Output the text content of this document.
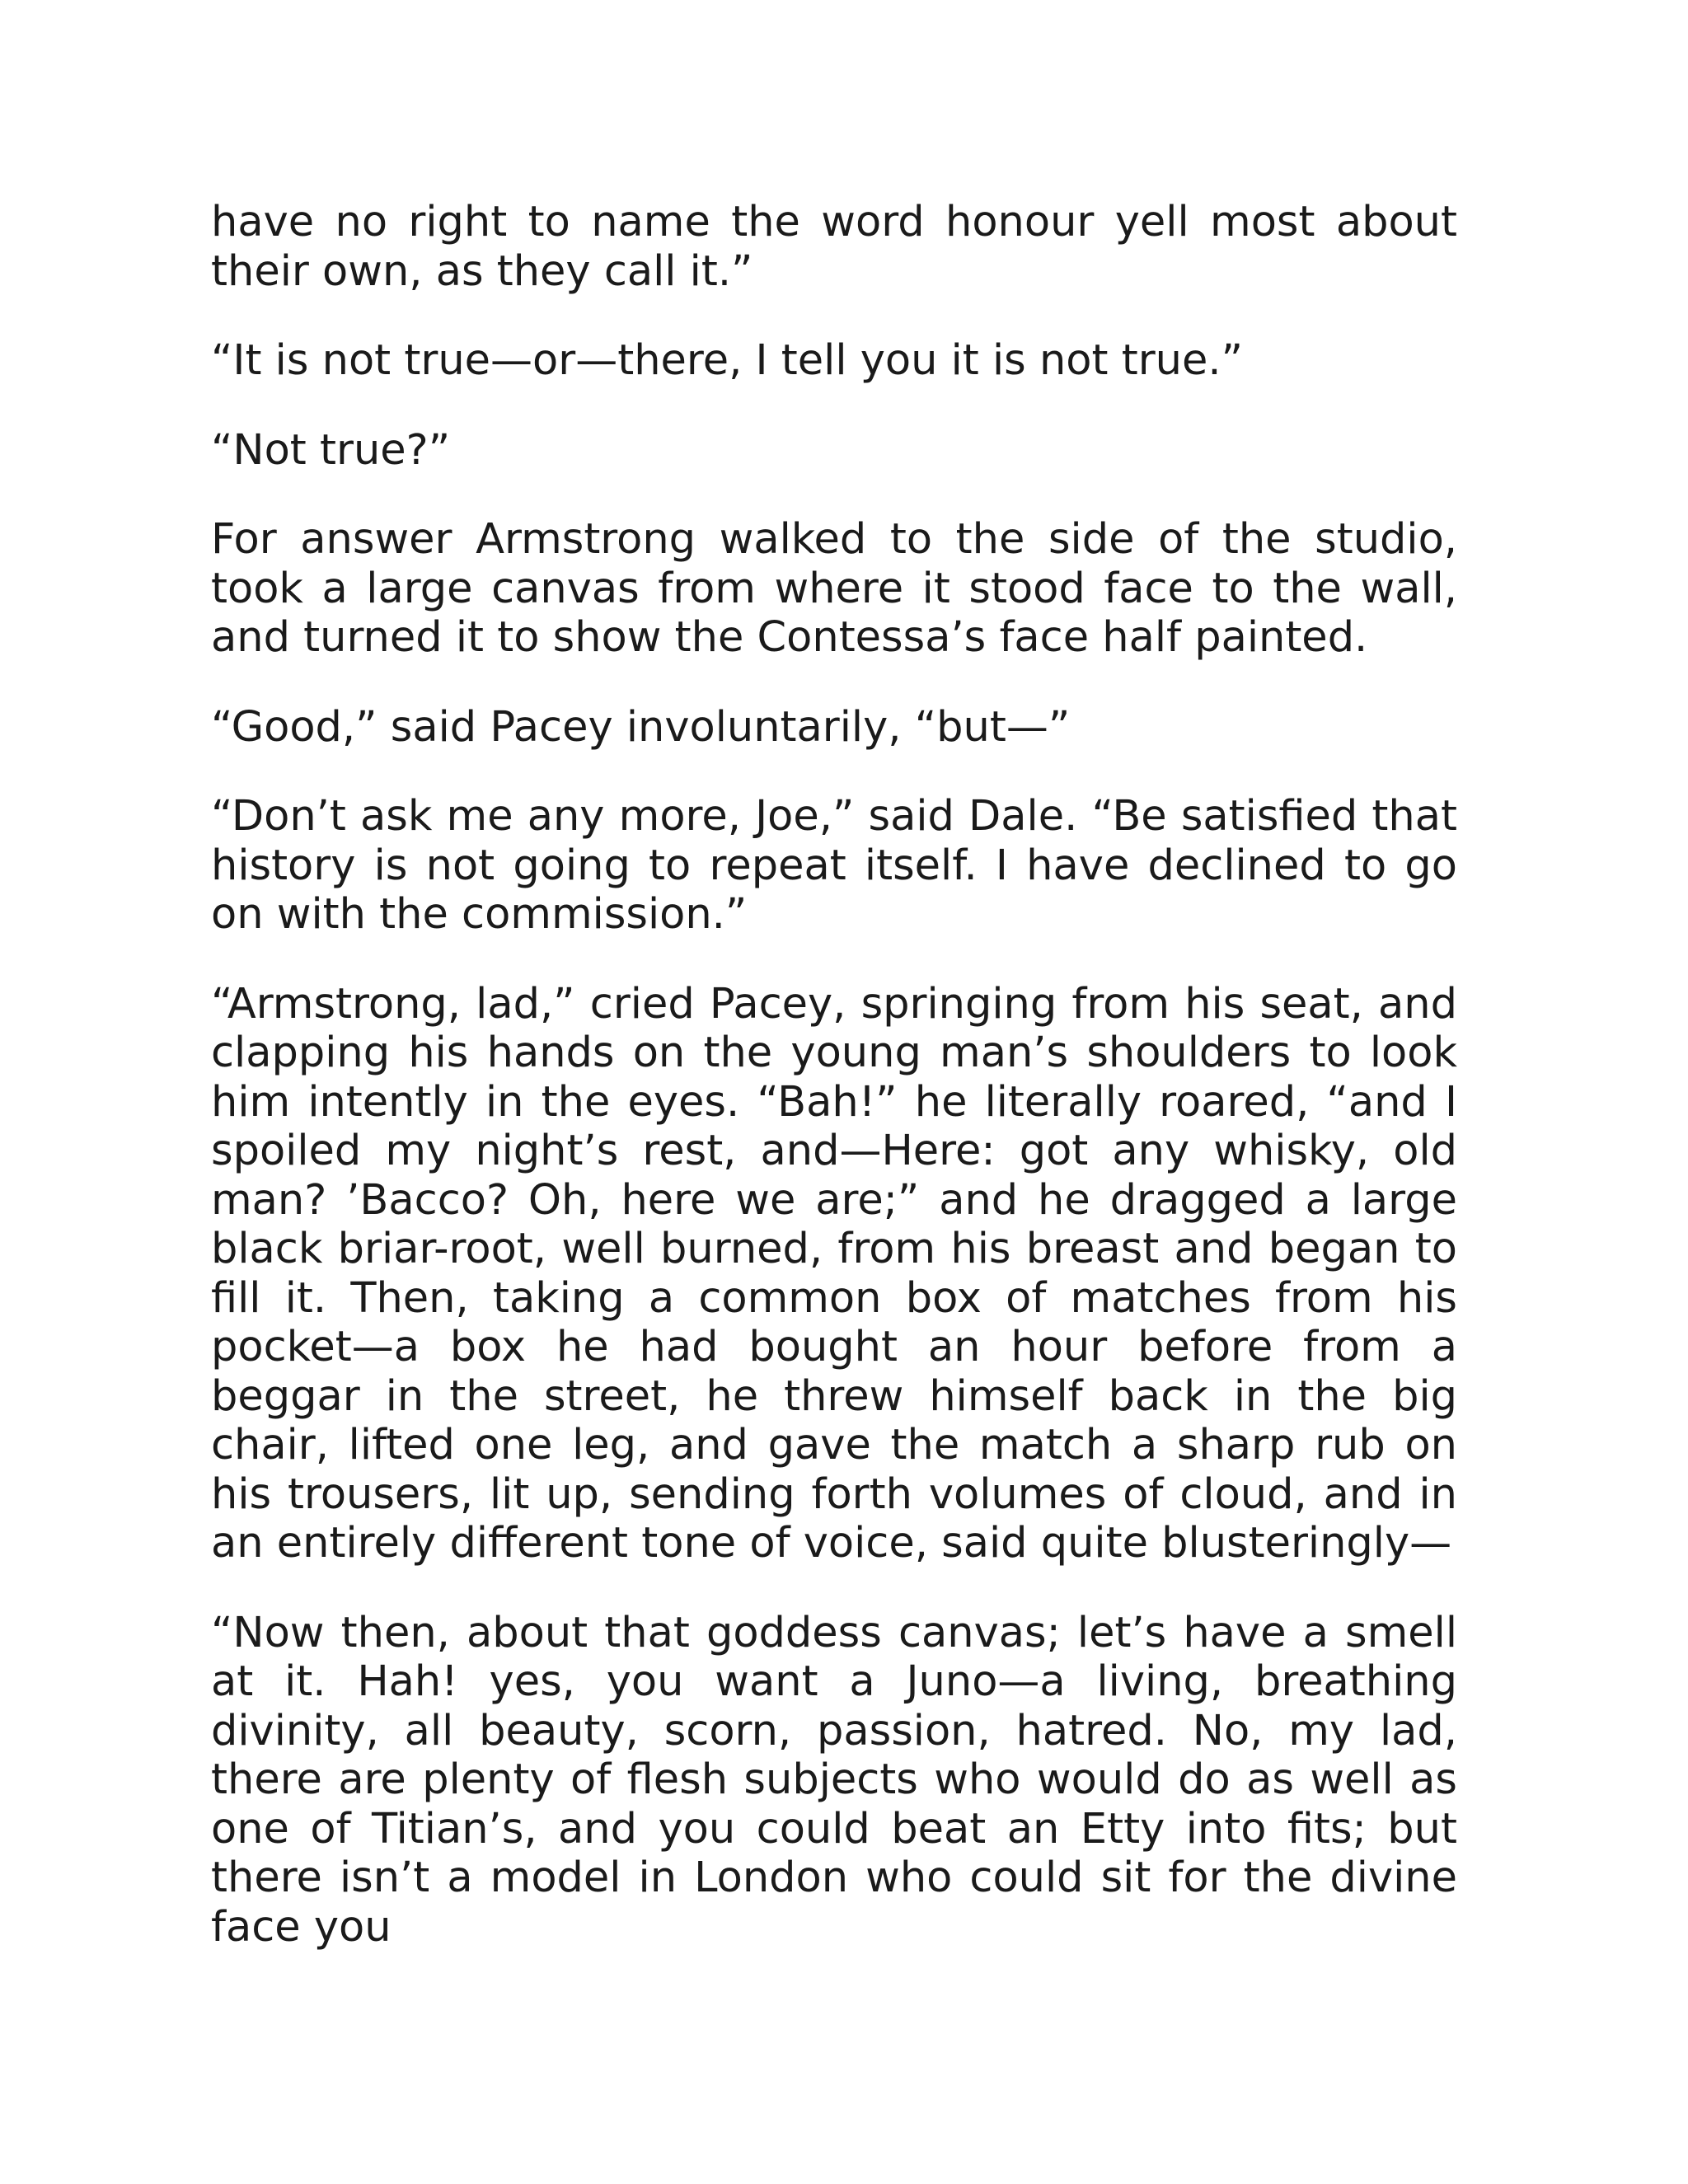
have no right to name the word honour yell most about their own, as they call it.”

“It is not true—or—there, I tell you it is not true.”

“Not true?”

For answer Armstrong walked to the side of the studio, took a large canvas from where it stood face to the wall, and turned it to show the Contessa’s face half painted.

“Good,” said Pacey involuntarily, “but—”

“Don’t ask me any more, Joe,” said Dale. “Be satisfied that history is not going to repeat itself. I have declined to go on with the commission.”

“Armstrong, lad,” cried Pacey, springing from his seat, and clapping his hands on the young man’s shoulders to look him intently in the eyes. “Bah!” he literally roared, “and I spoiled my night’s rest, and—Here: got any whisky, old man? ’Bacco? Oh, here we are;” and he dragged a large black briar-root, well burned, from his breast and began to fill it. Then, taking a common box of matches from his pocket—a box he had bought an hour before from a beggar in the street, he threw himself back in the big chair, lifted one leg, and gave the match a sharp rub on his trousers, lit up, sending forth volumes of cloud, and in an entirely different tone of voice, said quite blusteringly—

“Now then, about that goddess canvas; let’s have a smell at it. Hah! yes, you want a Juno—a living, breathing divinity, all beauty, scorn, passion, hatred. No, my lad, there are plenty of flesh subjects who would do as well as one of Titian’s, and you could beat an Etty into fits; but there isn’t a model in London who could sit for the divine face you
